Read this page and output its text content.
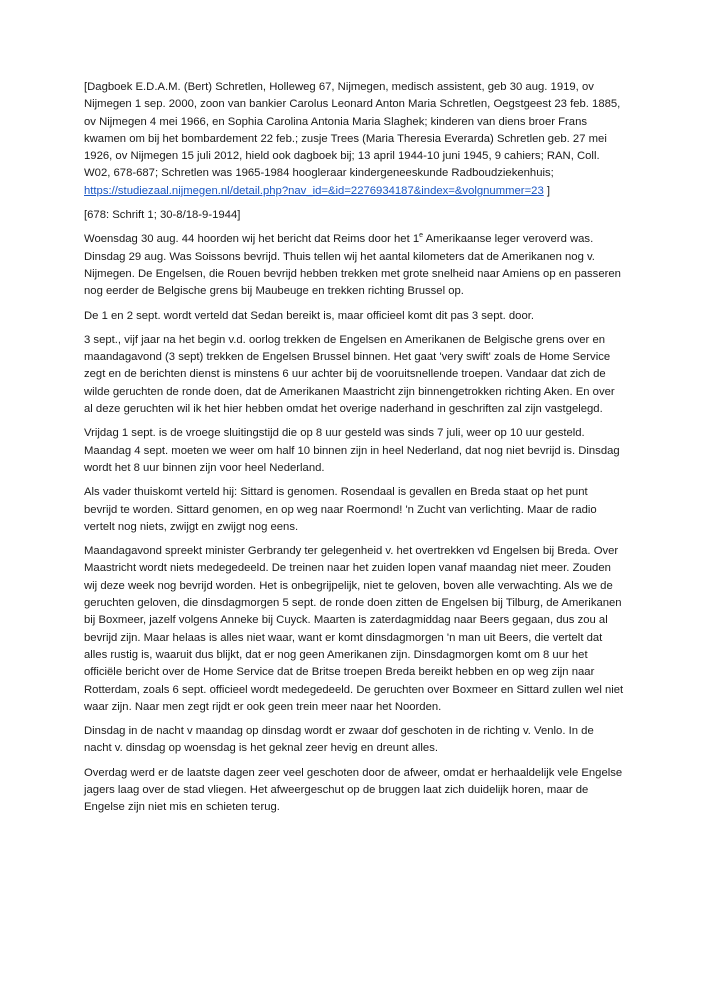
[Dagboek E.D.A.M. (Bert) Schretlen, Holleweg 67, Nijmegen, medisch assistent, geb 30 aug. 1919, ov Nijmegen 1 sep. 2000, zoon van bankier Carolus Leonard Anton Maria Schretlen, Oegstgeest 23 feb. 1885, ov Nijmegen 4 mei 1966, en Sophia Carolina Antonia Maria Slaghek; kinderen van diens broer Frans kwamen om bij het bombardement 22 feb.; zusje Trees (Maria Theresia Everarda) Schretlen geb. 27 mei 1926, ov Nijmegen 15 juli 2012, hield ook dagboek bij; 13 april 1944-10 juni 1945, 9 cahiers; RAN, Coll. W02, 678-687; Schretlen was 1965-1984 hoogleraar kindergeneeskunde Radboudziekenhuis;
https://studiezaal.nijmegen.nl/detail.php?nav_id=&id=2276934187&index=&volgnummer=23 ]

[678: Schrift 1; 30-8/18-9-1944]

Woensdag 30 aug. 44 hoorden wij het bericht dat Reims door het 1e Amerikaanse leger veroverd was. Dinsdag 29 aug. Was Soissons bevrijd. Thuis tellen wij het aantal kilometers dat de Amerikanen nog v. Nijmegen. De Engelsen, die Rouen bevrijd hebben trekken met grote snelheid naar Amiens op en passeren nog eerder de Belgische grens bij Maubeuge en trekken richting Brussel op.

De 1 en 2 sept. wordt verteld dat Sedan bereikt is, maar officieel komt dit pas 3 sept. door.

3 sept., vijf jaar na het begin v.d. oorlog trekken de Engelsen en Amerikanen de Belgische grens over en maandagavond (3 sept) trekken de Engelsen Brussel binnen. Het gaat 'very swift' zoals de Home Service zegt en de berichten dienst is minstens 6 uur achter bij de vooruitsnellende troepen. Vandaar dat zich de wilde geruchten de ronde doen, dat de Amerikanen Maastricht zijn binnengetrokken richting Aken. En over al deze geruchten wil ik het hier hebben omdat het overige naderhand in geschriften zal zijn vastgelegd.

Vrijdag 1 sept. is de vroege sluitingstijd die op 8 uur gesteld was sinds 7 juli, weer op 10 uur gesteld. Maandag 4 sept. moeten we weer om half 10 binnen zijn in heel Nederland, dat nog niet bevrijd is. Dinsdag wordt het 8 uur binnen zijn voor heel Nederland.

Als vader thuiskomt verteld hij: Sittard is genomen. Rosendaal is gevallen en Breda staat op het punt bevrijd te worden. Sittard genomen, en op weg naar Roermond! 'n Zucht van verlichting. Maar de radio vertelt nog niets, zwijgt en zwijgt nog eens.

Maandagavond spreekt minister Gerbrandy ter gelegenheid v. het overtrekken vd Engelsen bij Breda. Over Maastricht wordt niets medegedeeld. De treinen naar het zuiden lopen vanaf maandag niet meer. Zouden wij deze week nog bevrijd worden. Het is onbegrijpelijk, niet te geloven, boven alle verwachting. Als we de geruchten geloven, die dinsdagmorgen 5 sept. de ronde doen zitten de Engelsen bij Tilburg, de Amerikanen bij Boxmeer, jazelf volgens Anneke bij Cuyck. Maarten is zaterdagmiddag naar Beers gegaan, dus zou al bevrijd zijn. Maar helaas is alles niet waar, want er komt dinsdagmorgen 'n man uit Beers, die vertelt dat alles rustig is, waaruit dus blijkt, dat er nog geen Amerikanen zijn. Dinsdagmorgen komt om 8 uur het officiële bericht over de Home Service dat de Britse troepen Breda bereikt hebben en op weg zijn naar Rotterdam, zoals 6 sept. officieel wordt medegedeeld. De geruchten over Boxmeer en Sittard zullen wel niet waar zijn. Naar men zegt rijdt er ook geen trein meer naar het Noorden.

Dinsdag in de nacht v maandag op dinsdag wordt er zwaar dof geschoten in de richting v. Venlo. In de nacht v. dinsdag op woensdag is het geknal zeer hevig en dreunt alles.

Overdag werd er de laatste dagen zeer veel geschoten door de afweer, omdat er herhaaldelijk vele Engelse jagers laag over de stad vliegen. Het afweergeschut op de bruggen laat zich duidelijk horen, maar de Engelse zijn niet mis en schieten terug.
